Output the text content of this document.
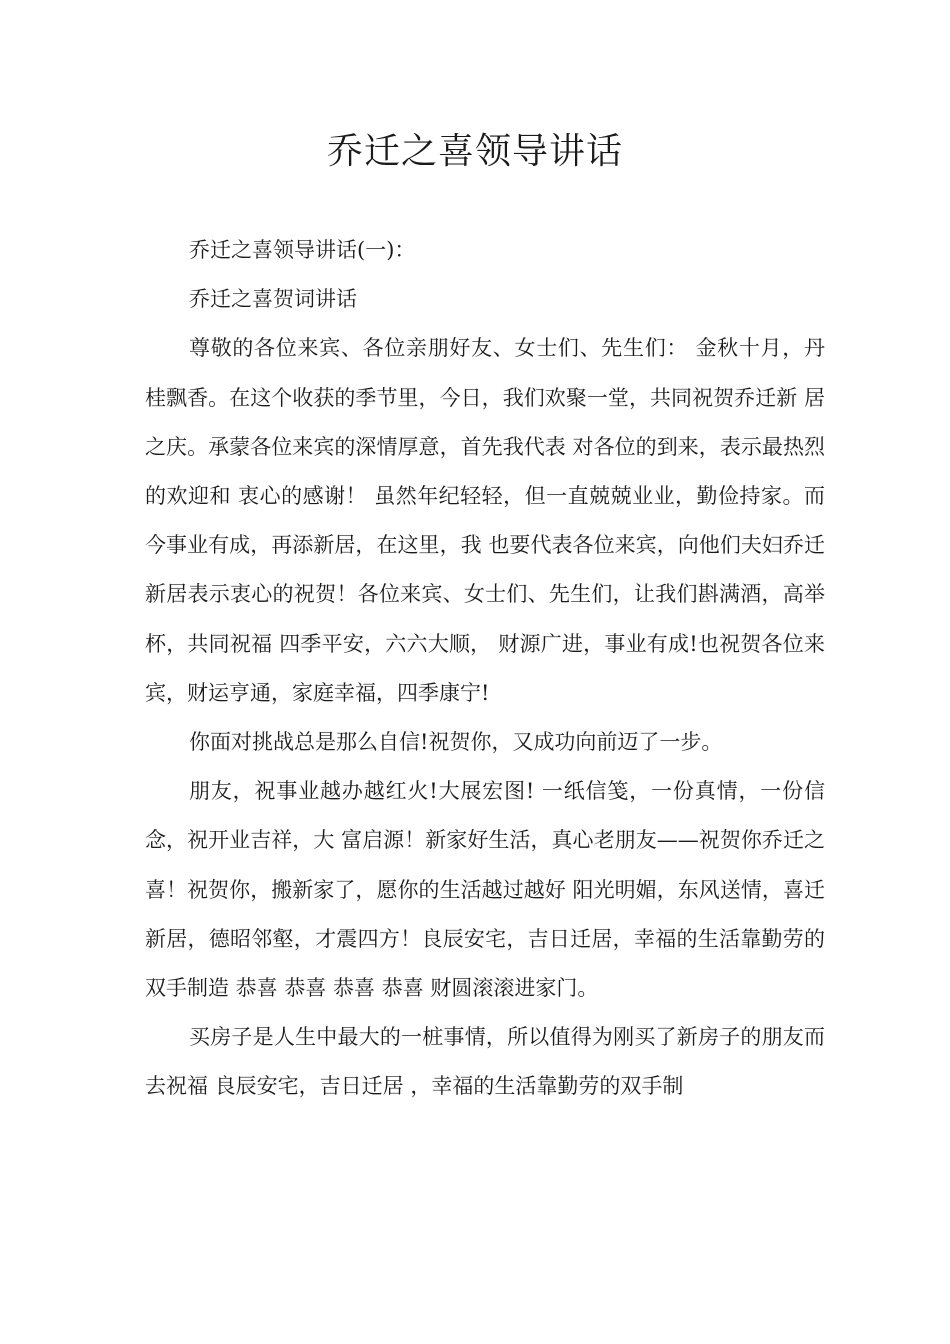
乔迁之喜领导讲话

乔迁之喜领导讲话(一)：

乔迁之喜贺词讲话

尊敬的各位来宾、各位亲朋好友、女士们、先生们： 金秋十月，丹桂飘香。在这个收获的季节里，今日，我们欢聚一堂，共同祝贺乔迁新 居之庆。承蒙各位来宾的深情厚意，首先我代表 对各位的到来，表示最热烈的欢迎和 衷心的感谢！ 虽然年纪轻轻，但一直兢兢业业，勤俭持家。而今事业有成，再添新居，在这里，我 也要代表各位来宾，向他们夫妇乔迁新居表示衷心的祝贺！各位来宾、女士们、先生们，让我们斟满酒，高举杯，共同祝福 四季平安，六六大顺， 财源广进，事业有成!也祝贺各位来宾，财运亨通，家庭幸福，四季康宁!

你面对挑战总是那么自信!祝贺你，又成功向前迈了一步。

朋友，祝事业越办越红火!大展宏图! 一纸信笺，一份真情，一份信念，祝开业吉祥，大 富启源！新家好生活，真心老朋友——祝贺你乔迁之喜！祝贺你，搬新家了，愿你的生活越过越好 阳光明媚，东风送情，喜迁新居，德昭邻壑，才震四方！良辰安宅，吉日迁居，幸福的生活靠勤劳的双手制造 恭喜 恭喜 恭喜 恭喜 财圆滚滚进家门。

买房子是人生中最大的一桩事情，所以值得为刚买了新房子的朋友而去祝福 良辰安宅，吉日迁居 ，幸福的生活靠勤劳的双手制
